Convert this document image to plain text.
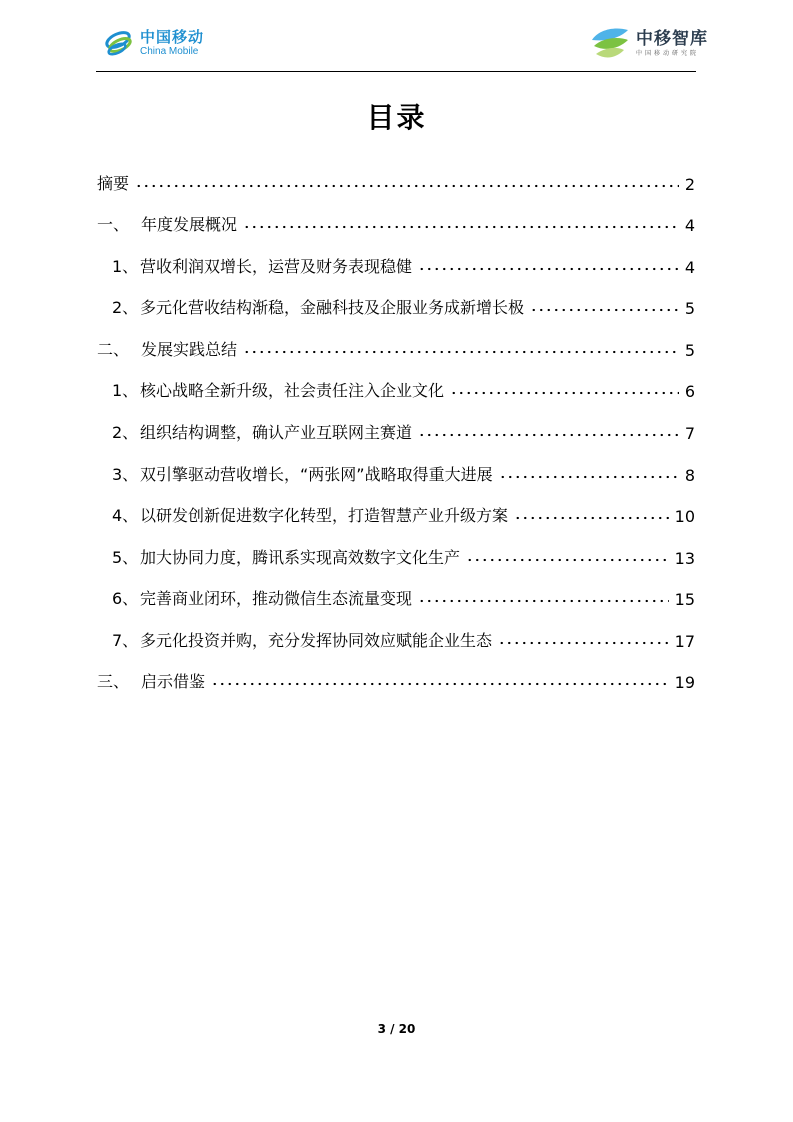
中国移动
China Mobile
中移智库
中国移动研究院
目录
摘要	2
一、 年度发展概况	4
1、 营收利润双增长，运营及财务表现稳健	4
2、 多元化营收结构渐稳，金融科技及企服业务成新增长极	5
二、 发展实践总结	5
1、 核心战略全新升级，社会责任注入企业文化	6
2、 组织结构调整，确认产业互联网主赛道	7
3、 双引擎驱动营收增长，“两张网”战略取得重大进展	8
4、 以研发创新促进数字化转型，打造智慧产业升级方案	10
5、 加大协同力度，腾讯系实现高效数字文化生产	13
6、 完善商业闭环，推动微信生态流量变现	15
7、 多元化投资并购，充分发挥协同效应赋能企业生态	17
三、 启示借鉴	19
3 / 20
